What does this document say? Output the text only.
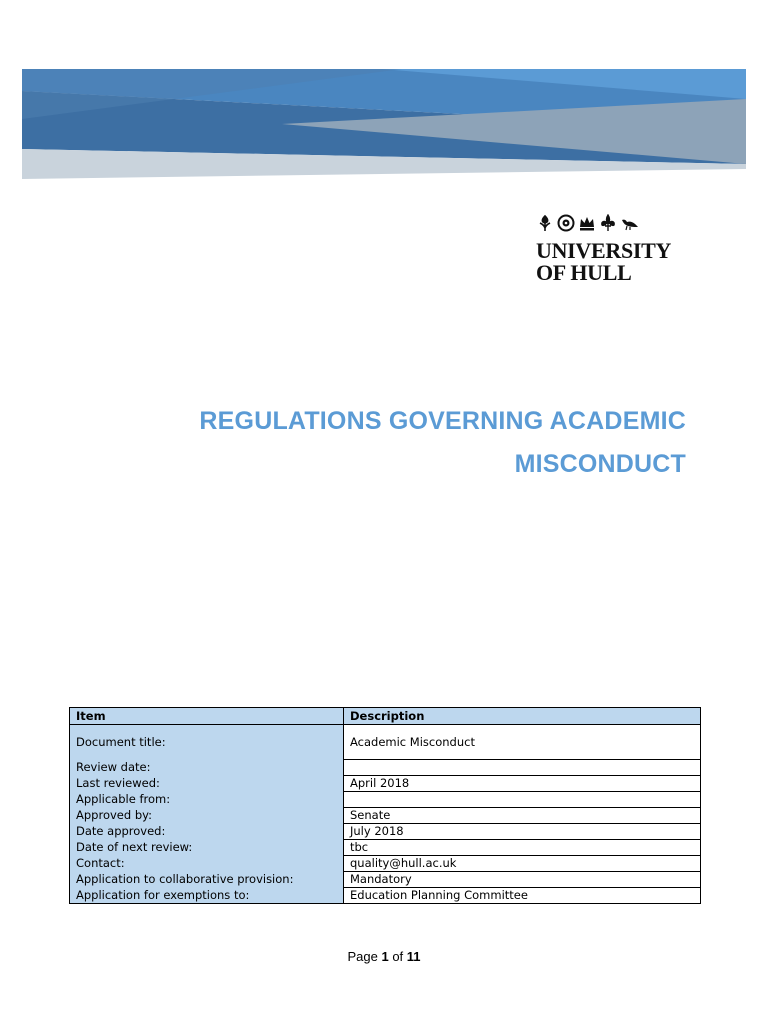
UNIVERSITY
OF HULL
REGULATIONS GOVERNING ACADEMIC
MISCONDUCT
Item	Description
Document title:	Academic Misconduct
Review date:	
Last reviewed:	April 2018
Applicable from:	
Approved by:	Senate
Date approved:	July 2018
Date of next review:	tbc
Contact:	quality@hull.ac.uk
Application to collaborative provision:	Mandatory
Application for exemptions to:	Education Planning Committee
Page 1 of 11
